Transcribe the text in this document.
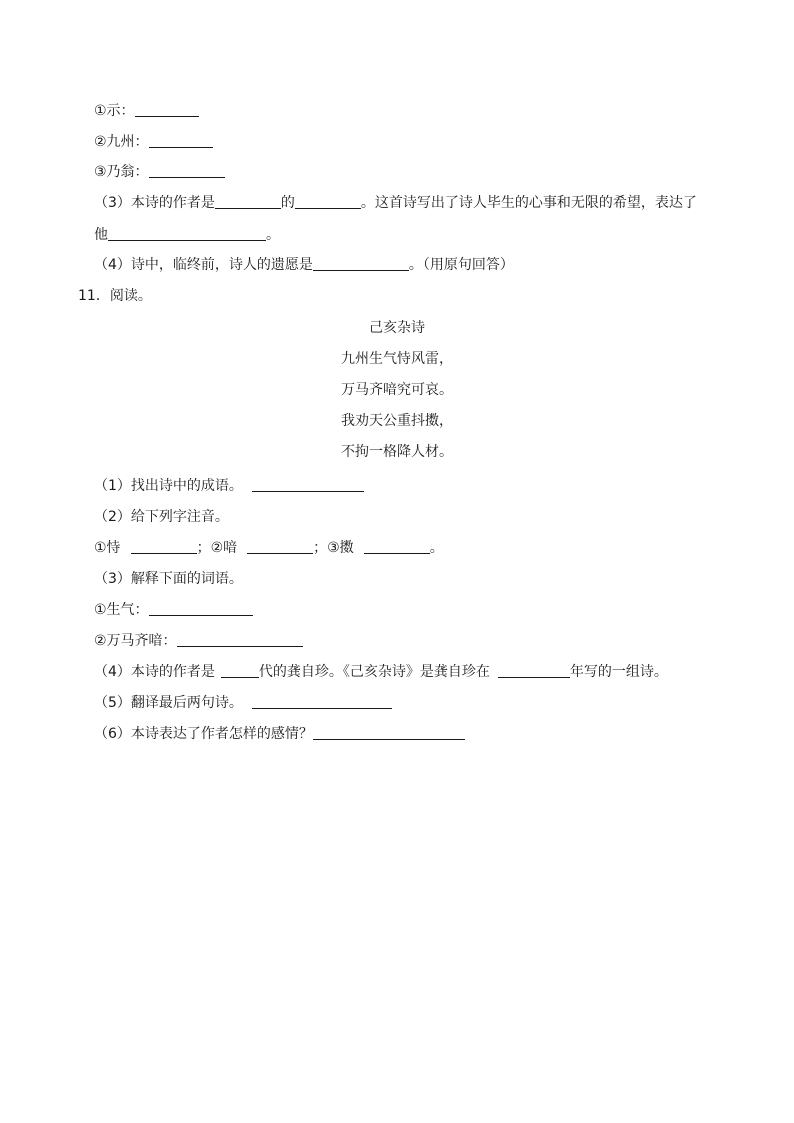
①示：
②九州：
③乃翁：
（3）本诗的作者是	的	。这首诗写出了诗人毕生的心事和无限的希望，表达了
他	。
（4）诗中，临终前，诗人的遗愿是	。（用原句回答）
11．阅读。
己亥杂诗
九州生气恃风雷，
万马齐喑究可哀。
我劝天公重抖擞，
不拘一格降人材。
（1）找出诗中的成语。
（2）给下列字注音。
①恃	；②喑	；③擞	。
（3）解释下面的词语。
①生气：
②万马齐喑：
（4）本诗的作者是	代的龚自珍。《己亥杂诗》是龚自珍在	年写的一组诗。
（5）翻译最后两句诗。
（6）本诗表达了作者怎样的感情？
